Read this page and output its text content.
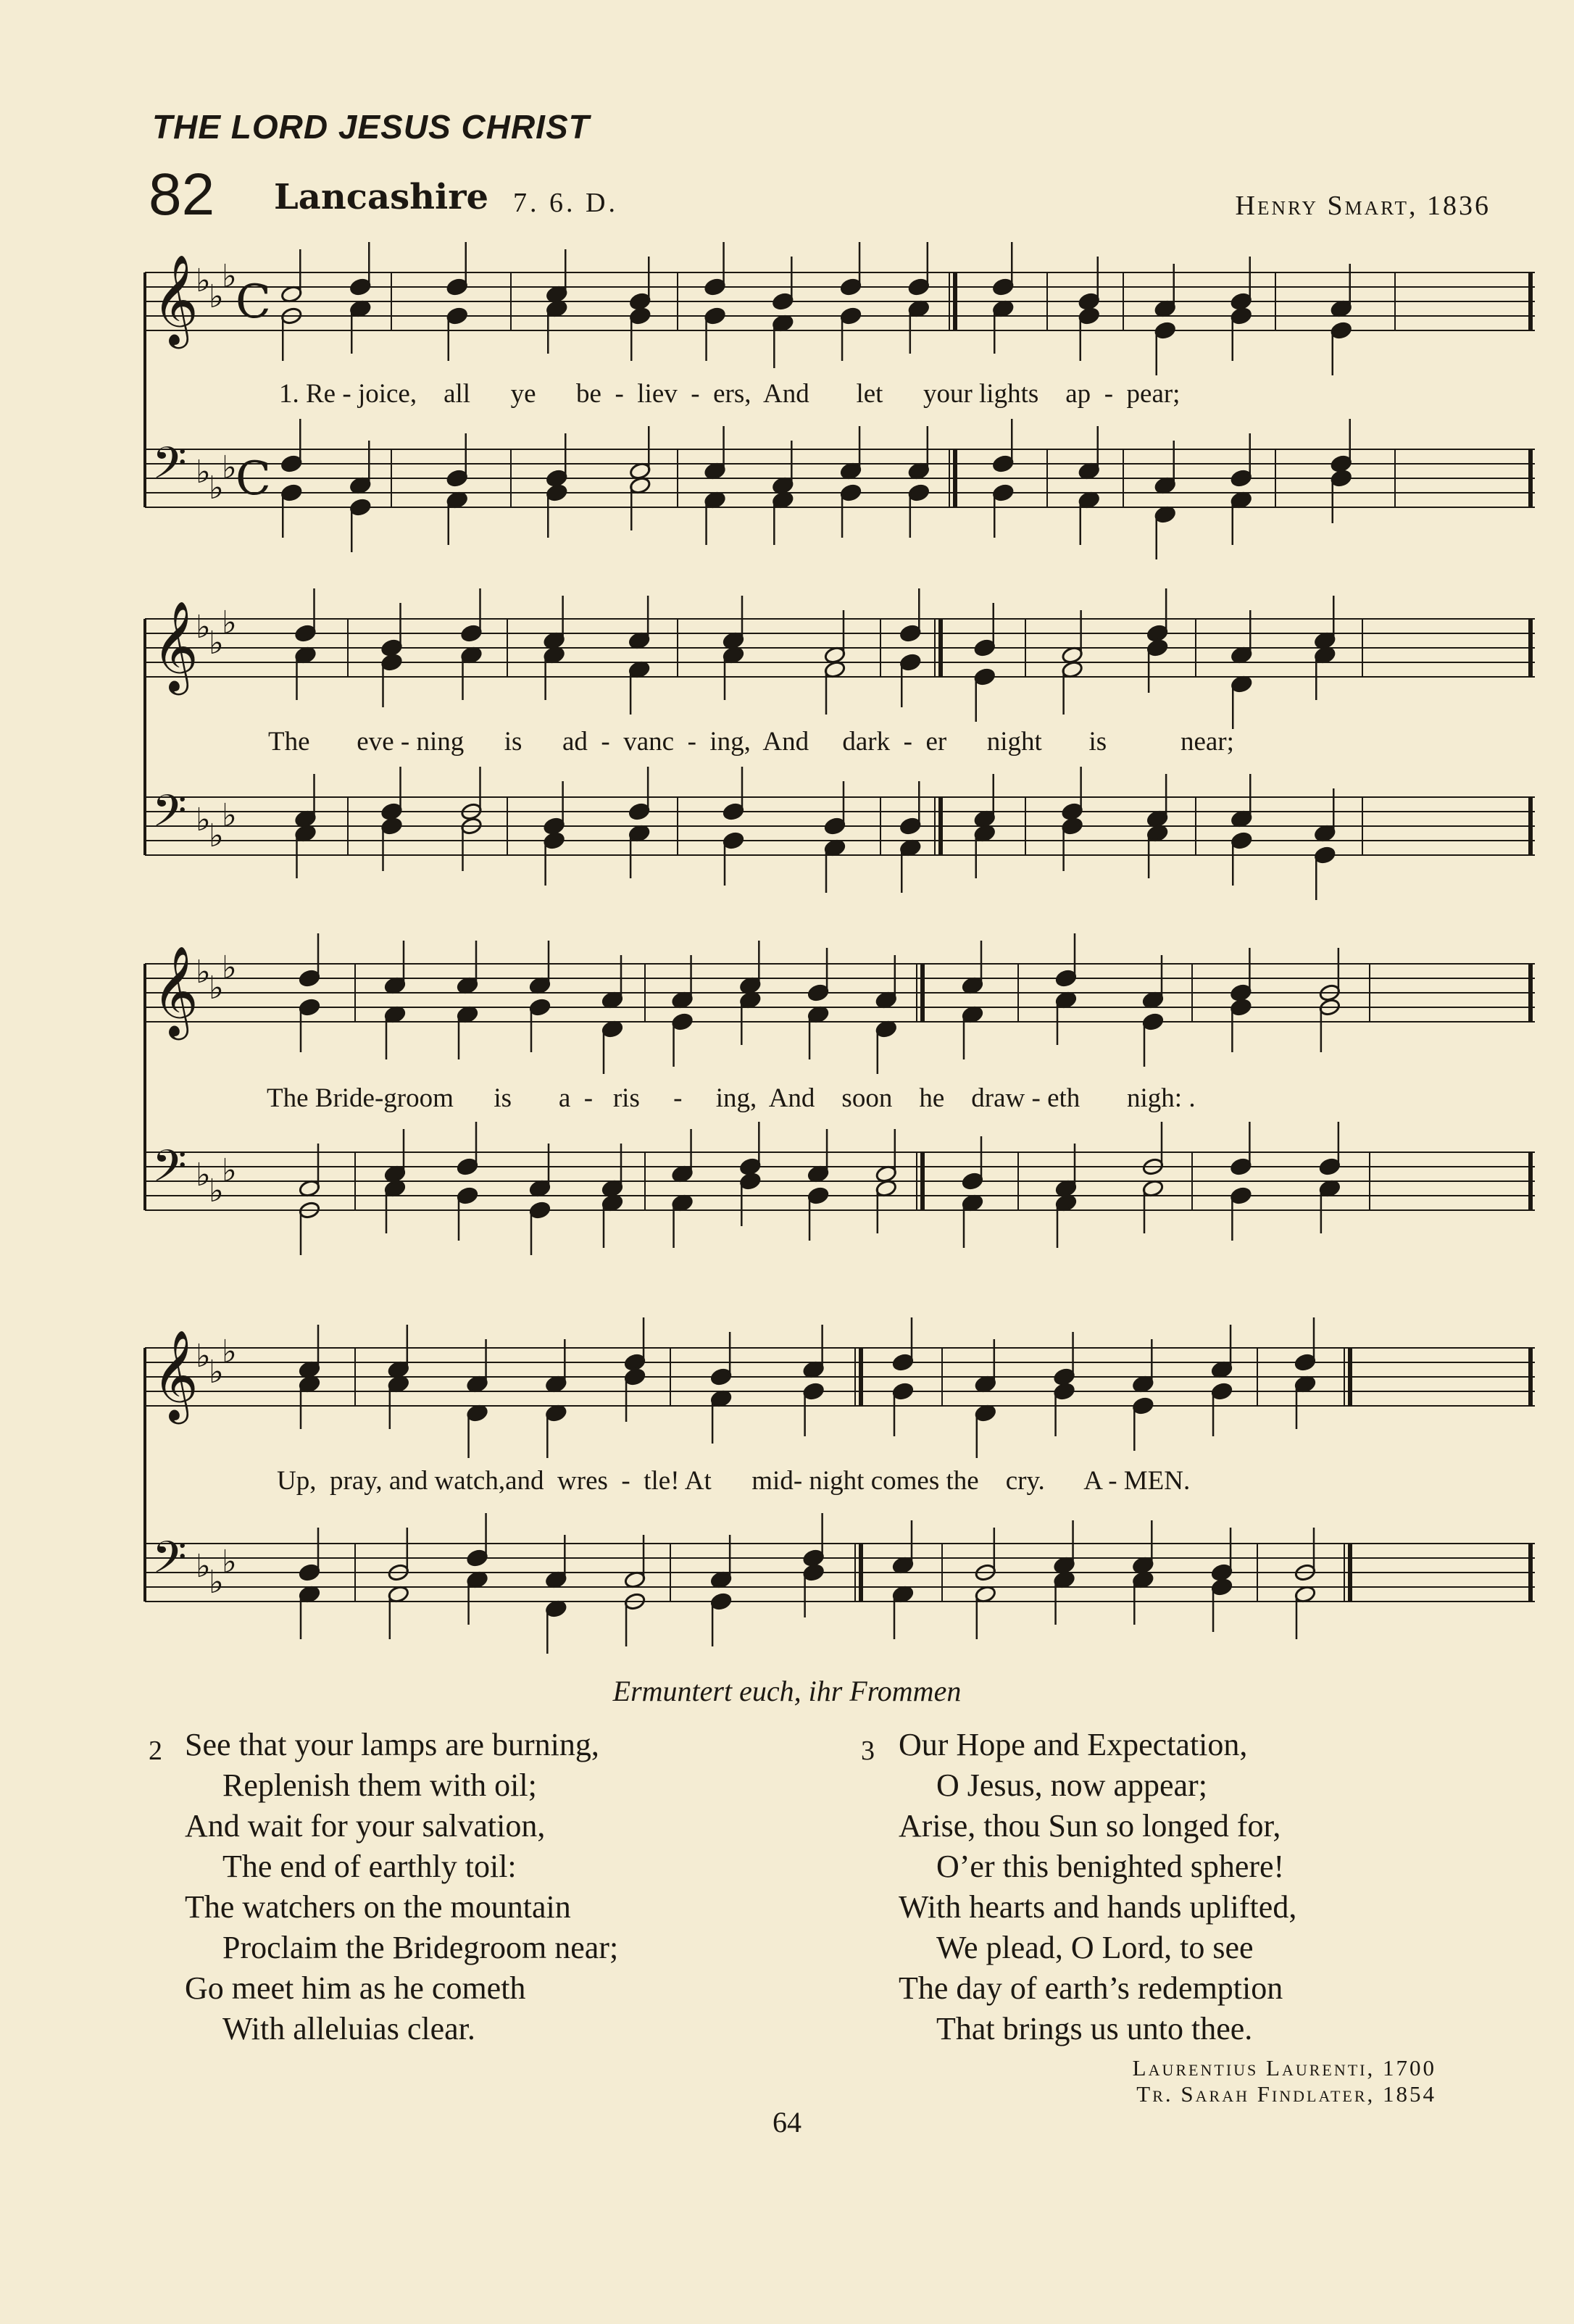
THE LORD JESUS CHRIST
82 Lancashire 7. 6. D.	Henry Smart, 1836
𝄞
♭
♭
♭
C
𝄢 ♭
♭
♭
C
𝄞
♭
♭
♭
𝄢 ♭
♭
♭
𝄞
♭
♭
♭
𝄢 ♭
♭
♭
𝄞
♭
♭
♭
𝄢 ♭
♭
♭
1. Re - joice, all ye be - liev - ers, And let your lights ap - pear;
The eve - ning is ad - vanc - ing, And dark - er night is	near;
The Bride-groom is a - ris - ing, And soon he draw - eth nigh: .
Up, pray, and watch,and wres - tle! At mid- night comes the cry. A - MEN.
Ermuntert euch, ihr Frommen
2 See that your lamps are burning,
Replenish them with oil;
And wait for your salvation,
The end of earthly toil:
The watchers on the mountain
Proclaim the Bridegroom near;
Go meet him as he cometh
With alleluias clear.
3 Our Hope and Expectation,
O Jesus, now appear;
Arise, thou Sun so longed for,
O’er this benighted sphere!
With hearts and hands uplifted,
We plead, O Lord, to see
The day of earth’s redemption
That brings us unto thee.
Laurentius Laurenti, 1700
Tr. Sarah Findlater, 1854
64
